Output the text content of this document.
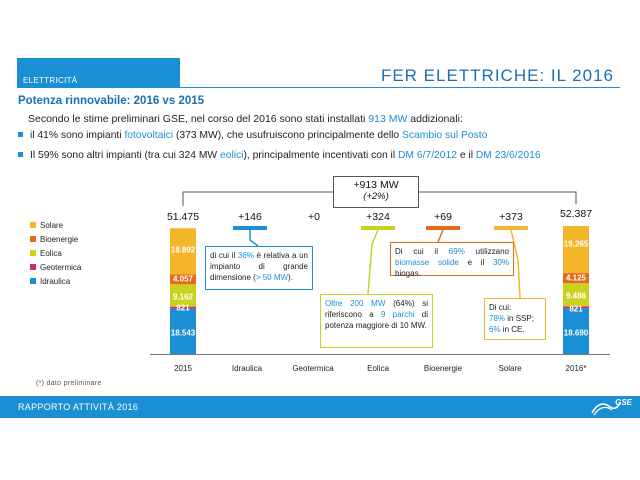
ELETTRICITÀ	FER ELETTRICHE: IL 2016
Potenza rinnovabile: 2016 vs 2015
Secondo le stime preliminari GSE, nel corso del 2016 sono stati installati 913 MW addizionali:
il 41% sono impianti fotovoltaici (373 MW), che usufruiscono principalmente dello Scambio sul Posto
Il 59% sono altri impianti (tra cui 324 MW eolici), principalmente incentivati con il DM 6/7/2012 e il DM 23/6/2016
Solare
Bioenergie
Eolica
Geotermica
Idraulica
51.475	52.387
+146	+0	+324	+69	+373
18.543
821
9.162
4.057
18.892
18.690
821
9.486
4.125
19.265
2015	Idraulica	Geotermica	Eolica	Bioenergie	Solare	2016*
+913 MW
(+2%)
di cui il 36% è relativa a un impianto di grande dimensione (> 50 MW).
Oltre 200 MW (64%) si riferiscono a 9 parchi di potenza maggiore di 10 MW.
Di cui il 69% utilizzano biomasse solide e il 30% biogas.
Di cui:
78% in SSP;
6% in CE.
(*) dato preliminare
RAPPORTO ATTIVITÀ 2016	GSE
